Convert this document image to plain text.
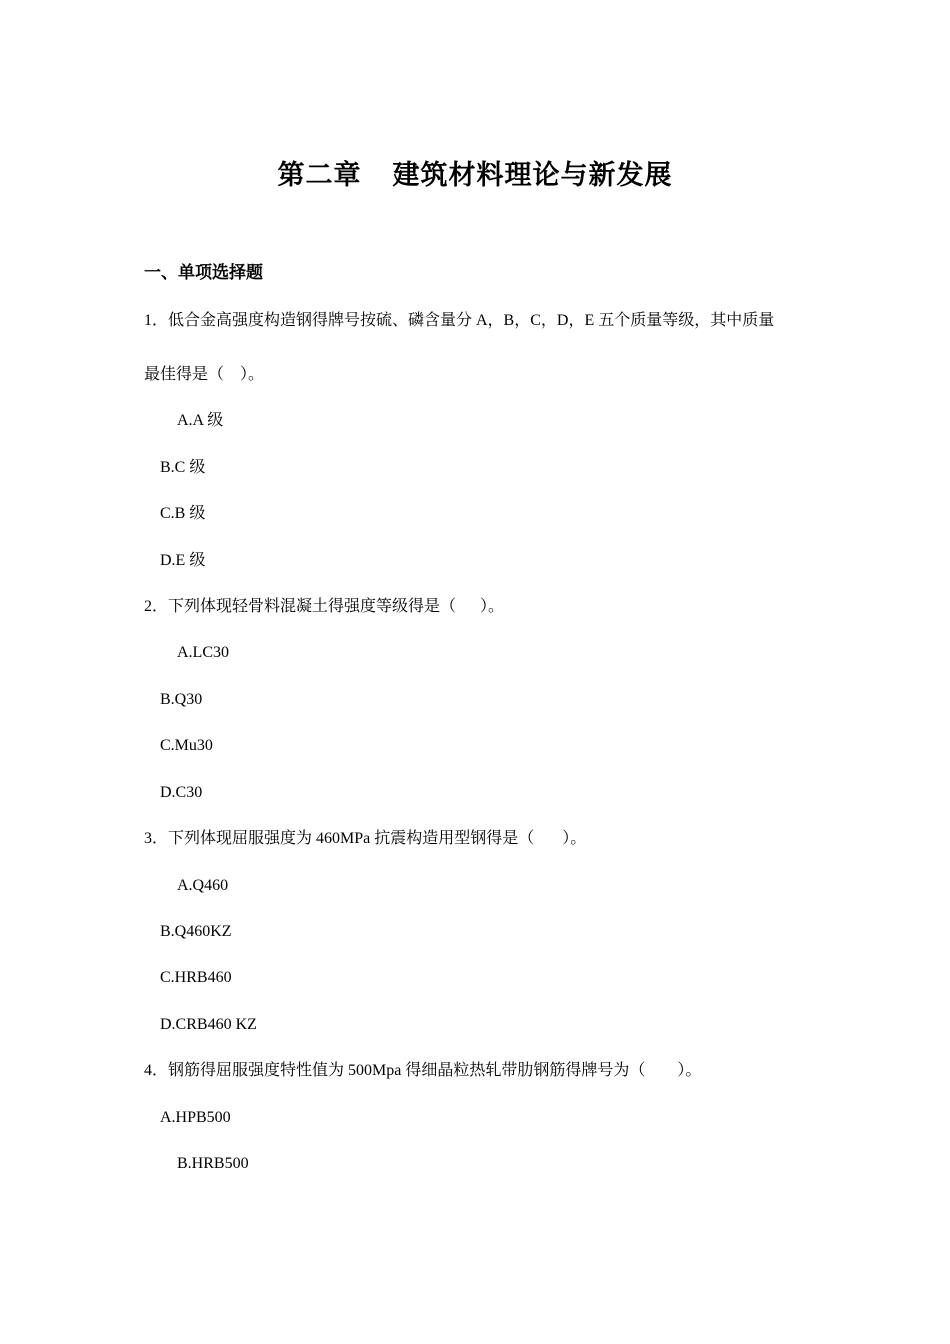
第二章    建筑材料理论与新发展
一、单项选择题
1．低合金高强度构造钢得牌号按硫、磷含量分 A，B，C，D，E 五个质量等级，其中质量
最佳得是（    ）。
A.A 级
B.C 级
C.B 级
D.E 级
2．下列体现轻骨料混凝土得强度等级得是（      ）。
A.LC30
B.Q30
C.Mu30
D.C30
3．下列体现屈服强度为 460MPa 抗震构造用型钢得是（       ）。
A.Q460
B.Q460KZ
C.HRB460
D.CRB460 KZ
4．钢筋得屈服强度特性值为 500Mpa 得细晶粒热轧带肋钢筋得牌号为（        ）。
A.HPB500
B.HRB500
